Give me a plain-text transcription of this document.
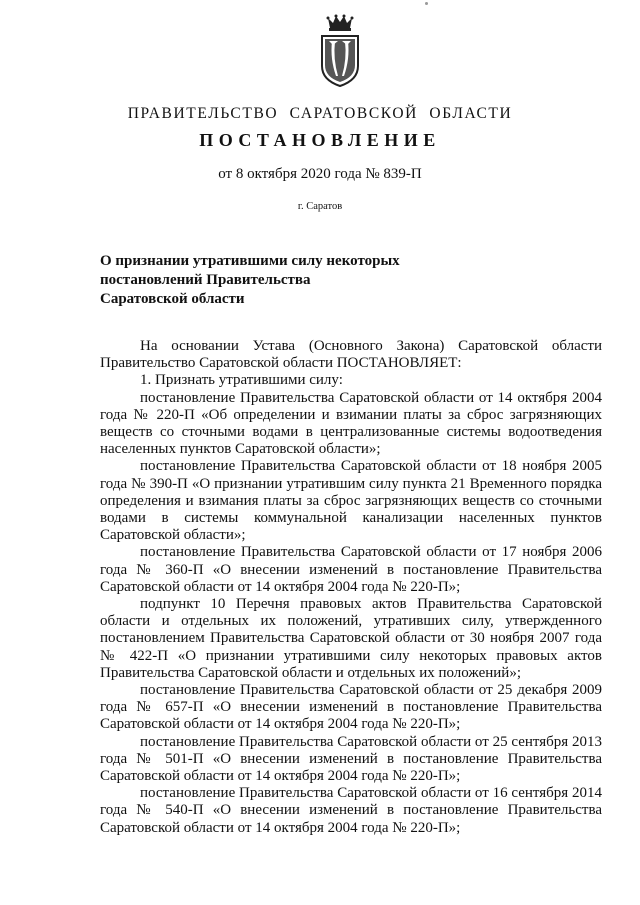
ПРАВИТЕЛЬСТВО САРАТОВСКОЙ ОБЛАСТИ
ПОСТАНОВЛЕНИЕ
от 8 октября 2020 года № 839-П
г. Саратов
О признании утратившими силу некоторых
постановлений Правительства
Саратовской области

На основании Устава (Основного Закона) Саратовской области Правительство Саратовской области ПОСТАНОВЛЯЕТ:

1. Признать утратившими силу:

постановление Правительства Саратовской области от 14 октября 2004 года № 220-П «Об определении и взимании платы за сброс загрязняющих веществ со сточными водами в централизованные системы водоотведения населенных пунктов Саратовской области»;

постановление Правительства Саратовской области от 18 ноября 2005 года № 390-П «О признании утратившим силу пункта 21 Временного порядка определения и взимания платы за сброс загрязняющих веществ со сточными водами в системы коммунальной канализации населенных пунктов Саратовской области»;

постановление Правительства Саратовской области от 17 ноября 2006 года № 360-П «О внесении изменений в постановление Правительства Саратовской области от 14 октября 2004 года № 220-П»;

подпункт 10 Перечня правовых актов Правительства Саратовской области и отдельных их положений, утративших силу, утвержденного постановлением Правительства Саратовской области от 30 ноября 2007 года № 422-П «О признании утратившими силу некоторых правовых актов Правительства Саратовской области и отдельных их положений»;

постановление Правительства Саратовской области от 25 декабря 2009 года № 657-П «О внесении изменений в постановление Правительства Саратовской области от 14 октября 2004 года № 220-П»;

постановление Правительства Саратовской области от 25 сентября 2013 года № 501-П «О внесении изменений в постановление Правительства Саратовской области от 14 октября 2004 года № 220-П»;

постановление Правительства Саратовской области от 16 сентября 2014 года № 540-П «О внесении изменений в постановление Правительства Саратовской области от 14 октября 2004 года № 220-П»;
